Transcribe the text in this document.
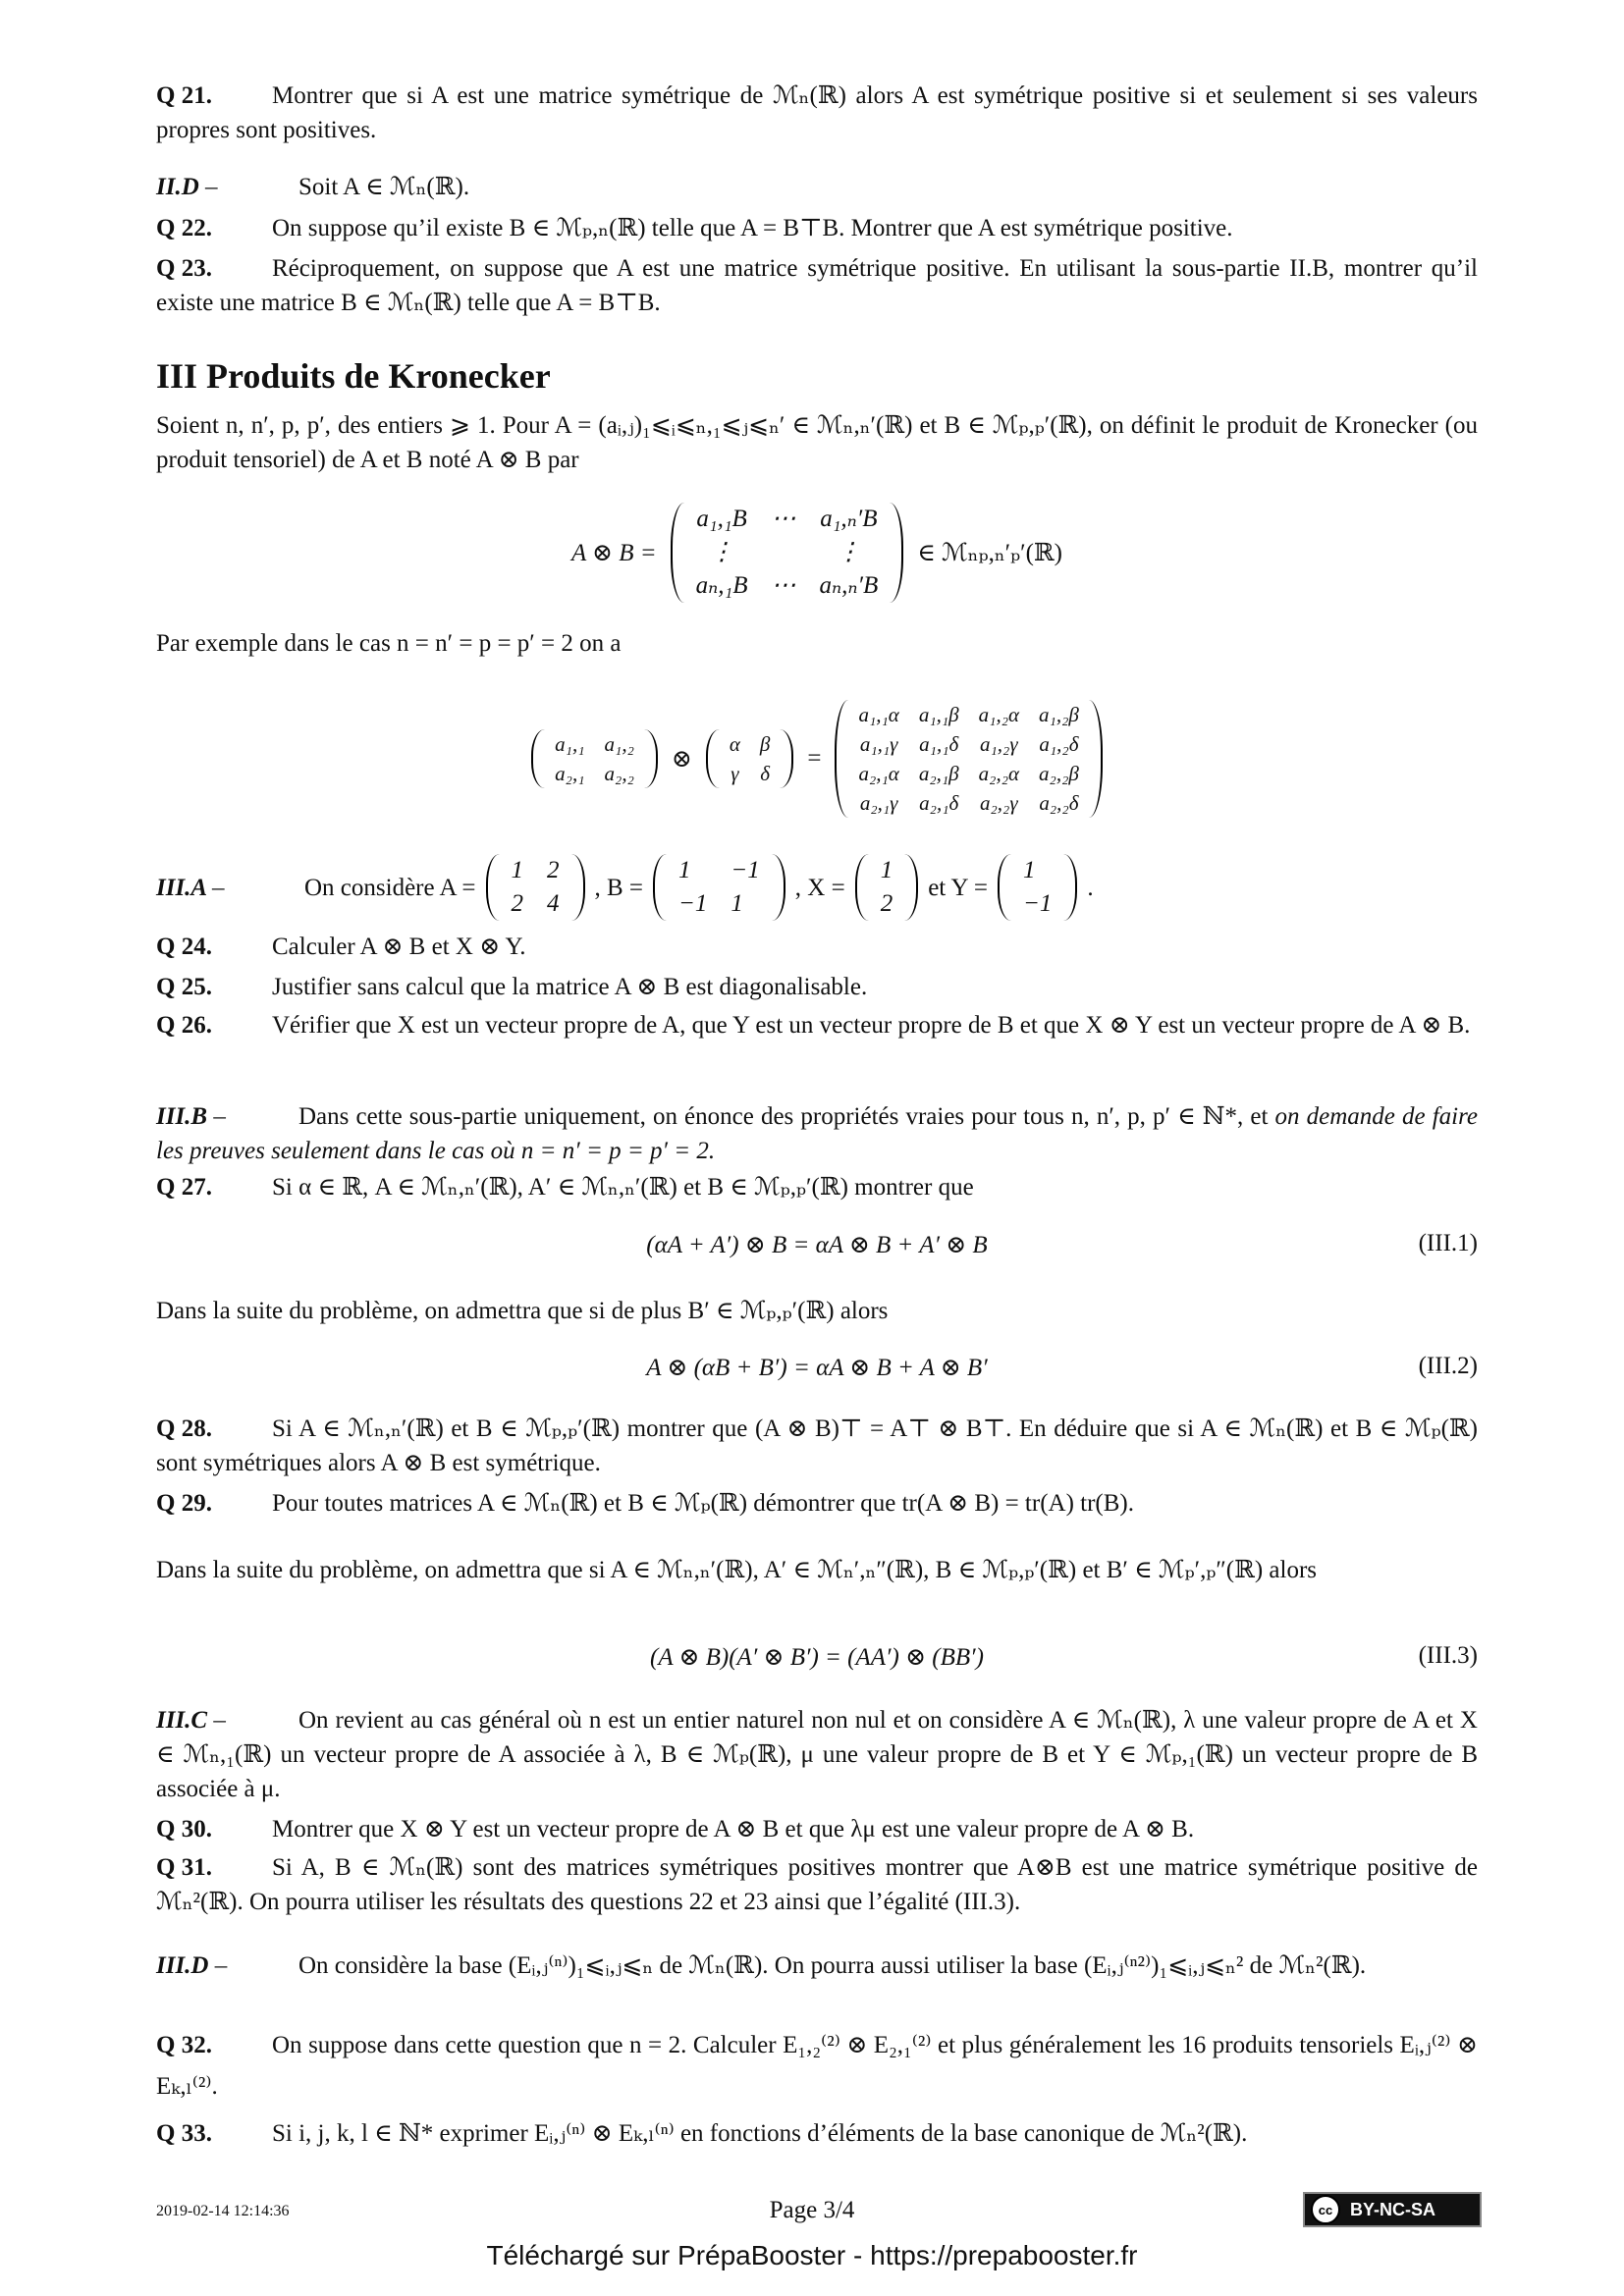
Q 21. Montrer que si A est une matrice symétrique de ℳₙ(ℝ) alors A est symétrique positive si et seulement si ses valeurs propres sont positives.
II.D –	Soit A ∈ ℳₙ(ℝ).
Q 22. On suppose qu’il existe B ∈ ℳₚ,ₙ(ℝ) telle que A = B⊤B. Montrer que A est symétrique positive.
Q 23. Réciproquement, on suppose que A est une matrice symétrique positive. En utilisant la sous-partie II.B, montrer qu’il existe une matrice B ∈ ℳₙ(ℝ) telle que A = B⊤B.
III Produits de Kronecker
Soient n, n′, p, p′, des entiers ⩾ 1. Pour A = (aᵢ,ⱼ)₁⩽ᵢ⩽ₙ,₁⩽ⱼ⩽ₙ′ ∈ ℳₙ,ₙ′(ℝ) et B ∈ ℳₚ,ₚ′(ℝ), on définit le produit de Kronecker (ou produit tensoriel) de A et B noté A ⊗ B par
A ⊗ B =
a₁,₁B	⋯	a₁,ₙ′B
⋮		⋮
aₙ,₁B	⋯	aₙ,ₙ′B
∈ ℳₙₚ,ₙ′ₚ′(ℝ)
Par exemple dans le cas n = n′ = p = p′ = 2 on a
a₁,₁	a₁,₂
a₂,₁	a₂,₂
⊗
α	β
γ	δ
=
a₁,₁α	a₁,₁β	a₁,₂α	a₁,₂β
a₁,₁γ	a₁,₁δ	a₁,₂γ	a₁,₂δ
a₂,₁α	a₂,₁β	a₂,₂α	a₂,₂β
a₂,₁γ	a₂,₁δ	a₂,₂γ	a₂,₂δ
III.A –	On considère A =
1	2
2	4
, B =
1	−1
−1	1
, X =
1
2
et Y =
1
−1
.
Q 24. Calculer A ⊗ B et X ⊗ Y.
Q 25. Justifier sans calcul que la matrice A ⊗ B est diagonalisable.
Q 26. Vérifier que X est un vecteur propre de A, que Y est un vecteur propre de B et que X ⊗ Y est un vecteur propre de A ⊗ B.
III.B –	Dans cette sous-partie uniquement, on énonce des propriétés vraies pour tous n, n′, p, p′ ∈ ℕ*, et on demande de faire les preuves seulement dans le cas où n = n′ = p = p′ = 2.
Q 27. Si α ∈ ℝ, A ∈ ℳₙ,ₙ′(ℝ), A′ ∈ ℳₙ,ₙ′(ℝ) et B ∈ ℳₚ,ₚ′(ℝ) montrer que
(αA + A′) ⊗ B = αA ⊗ B + A′ ⊗ B	(III.1)
Dans la suite du problème, on admettra que si de plus B′ ∈ ℳₚ,ₚ′(ℝ) alors
A ⊗ (αB + B′) = αA ⊗ B + A ⊗ B′	(III.2)
Q 28. Si A ∈ ℳₙ,ₙ′(ℝ) et B ∈ ℳₚ,ₚ′(ℝ) montrer que (A ⊗ B)⊤ = A⊤ ⊗ B⊤. En déduire que si A ∈ ℳₙ(ℝ) et B ∈ ℳₚ(ℝ) sont symétriques alors A ⊗ B est symétrique.
Q 29. Pour toutes matrices A ∈ ℳₙ(ℝ) et B ∈ ℳₚ(ℝ) démontrer que tr(A ⊗ B) = tr(A) tr(B).
Dans la suite du problème, on admettra que si A ∈ ℳₙ,ₙ′(ℝ), A′ ∈ ℳₙ′,ₙ″(ℝ), B ∈ ℳₚ,ₚ′(ℝ) et B′ ∈ ℳₚ′,ₚ″(ℝ) alors
(A ⊗ B)(A′ ⊗ B′) = (AA′) ⊗ (BB′)	(III.3)
III.C –	On revient au cas général où n est un entier naturel non nul et on considère A ∈ ℳₙ(ℝ), λ une valeur propre de A et X ∈ ℳₙ,₁(ℝ) un vecteur propre de A associée à λ, B ∈ ℳₚ(ℝ), μ une valeur propre de B et Y ∈ ℳₚ,₁(ℝ) un vecteur propre de B associée à μ.
Q 30. Montrer que X ⊗ Y est un vecteur propre de A ⊗ B et que λμ est une valeur propre de A ⊗ B.
Q 31. Si A, B ∈ ℳₙ(ℝ) sont des matrices symétriques positives montrer que A⊗B est une matrice symétrique positive de ℳₙ²(ℝ). On pourra utiliser les résultats des questions 22 et 23 ainsi que l’égalité (III.3).
III.D –	On considère la base (Eᵢ,ⱼ⁽ⁿ⁾)₁⩽ᵢ,ⱼ⩽ₙ de ℳₙ(ℝ). On pourra aussi utiliser la base (Eᵢ,ⱼ⁽ⁿ²⁾)₁⩽ᵢ,ⱼ⩽ₙ² de ℳₙ²(ℝ).
Q 32. On suppose dans cette question que n = 2. Calculer E₁,₂⁽²⁾ ⊗ E₂,₁⁽²⁾ et plus généralement les 16 produits tensoriels Eᵢ,ⱼ⁽²⁾ ⊗ Eₖ,ₗ⁽²⁾.
Q 33. Si i, j, k, l ∈ ℕ* exprimer Eᵢ,ⱼ⁽ⁿ⁾ ⊗ Eₖ,ₗ⁽ⁿ⁾ en fonctions d’éléments de la base canonique de ℳₙ²(ℝ).
2019-02-14 12:14:36	Page 3/4	cc BY-NC-SA
Téléchargé sur PrépaBooster - https://prepabooster.fr
